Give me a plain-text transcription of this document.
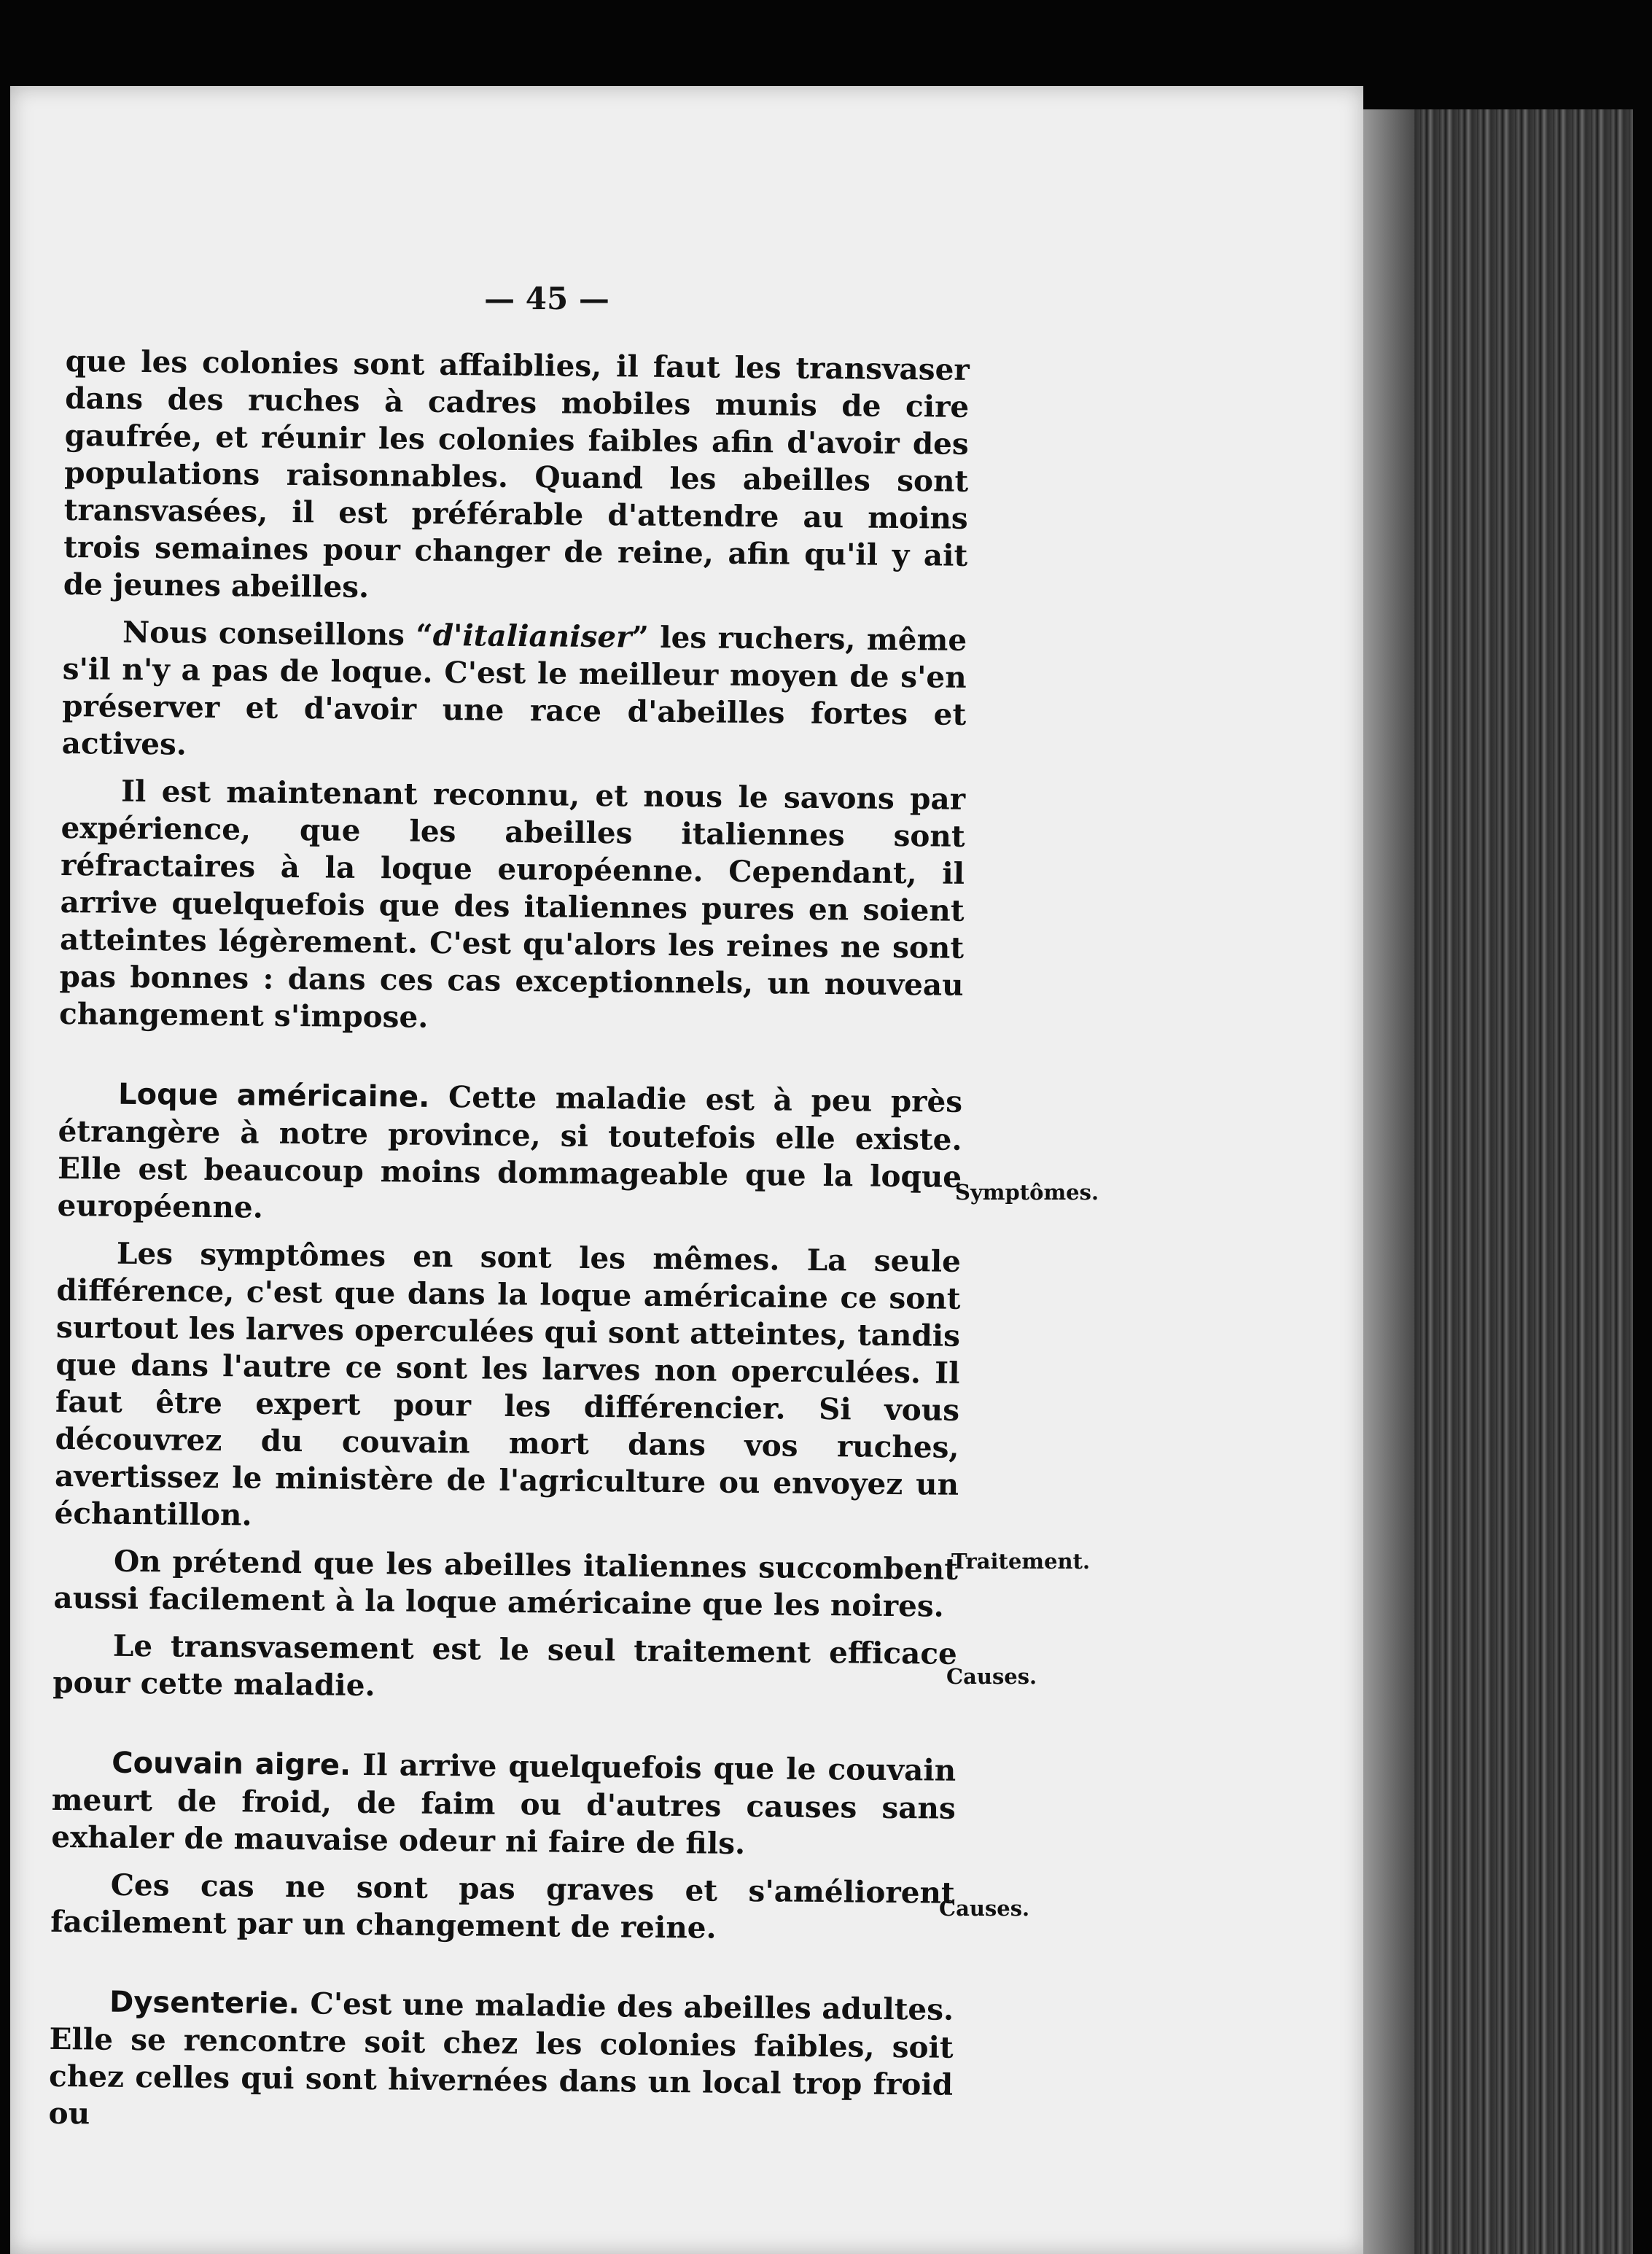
— 45 —

que les colonies sont affaiblies, il faut les transvaser dans des ruches à cadres mobiles munis de cire gaufrée, et réunir les colonies faibles afin d'avoir des populations raisonnables. Quand les abeilles sont transvasées, il est préférable d'attendre au moins trois semaines pour changer de reine, afin qu'il y ait de jeunes abeilles.

Nous conseillons “d'italianiser” les ruchers, même s'il n'y a pas de loque. C'est le meilleur moyen de s'en préserver et d'avoir une race d'abeilles fortes et actives.

Il est maintenant reconnu, et nous le savons par expérience, que les abeilles italiennes sont réfractaires à la loque européenne. Cependant, il arrive quelquefois que des italiennes pures en soient atteintes légèrement. C'est qu'alors les reines ne sont pas bonnes : dans ces cas exceptionnels, un nouveau changement s'impose.

Loque américaine. Cette maladie est à peu près étrangère à notre province, si toutefois elle existe. Elle est beaucoup moins dommageable que la loque européenne.

Les symptômes en sont les mêmes. La seule différence, c'est que dans la loque américaine ce sont surtout les larves operculées qui sont atteintes, tandis que dans l'autre ce sont les larves non operculées. Il faut être expert pour les différencier. Si vous découvrez du couvain mort dans vos ruches, avertissez le ministère de l'agriculture ou envoyez un échantillon.

On prétend que les abeilles italiennes succombent aussi facilement à la loque américaine que les noires.

Le transvasement est le seul traitement efficace pour cette maladie.

Couvain aigre. Il arrive quelquefois que le couvain meurt de froid, de faim ou d'autres causes sans exhaler de mauvaise odeur ni faire de fils.

Ces cas ne sont pas graves et s'améliorent facilement par un changement de reine.

Dysenterie. C'est une maladie des abeilles adultes. Elle se rencontre soit chez les colonies faibles, soit chez celles qui sont hivernées dans un local trop froid ou

Symptômes.
Traitement.
Causes.
Causes.
